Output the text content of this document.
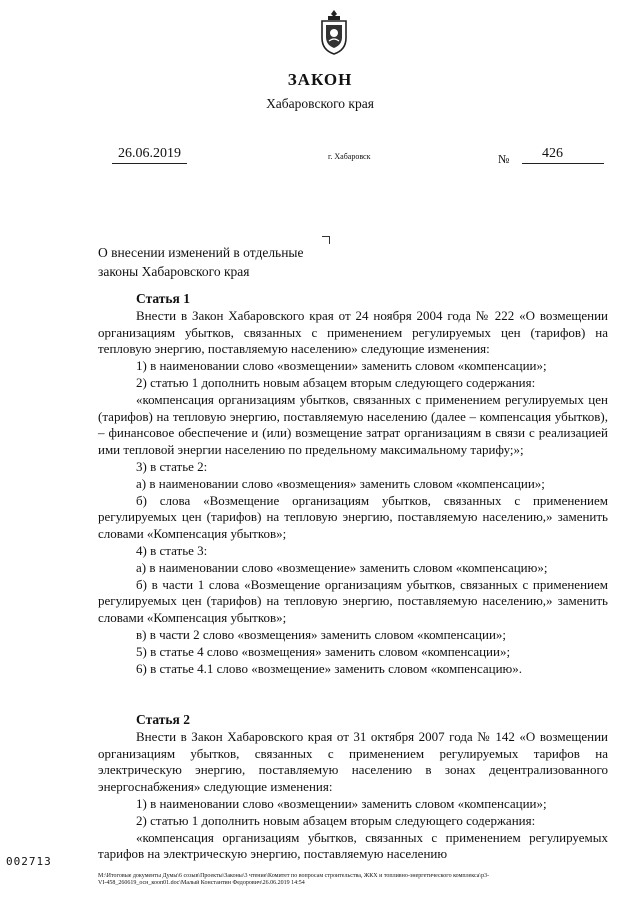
ЗАКОН
Хабаровского края
26.06.2019	г. Хабаровск	№	426
О внесении изменений в отдельные
законы Хабаровского края
Статья 1
Внести в Закон Хабаровского края от 24 ноября 2004 года № 222 «О возмещении организациям убытков, связанных с применением регулируемых цен (тарифов) на тепловую энергию, поставляемую населению» следующие изменения:
1) в наименовании слово «возмещении» заменить словом «компенсации»;
2) статью 1 дополнить новым абзацем вторым следующего содержания:
«компенсация организациям убытков, связанных с применением регулируемых цен (тарифов) на тепловую энергию, поставляемую населению (далее – компенсация убытков), – финансовое обеспечение и (или) возмещение затрат организациям в связи с реализацией ими тепловой энергии населению по предельному максимальному тарифу;»;
3) в статье 2:
а) в наименовании слово «возмещения» заменить словом «компенсации»;
б) слова «Возмещение организациям убытков, связанных с применением регулируемых цен (тарифов) на тепловую энергию, поставляемую населению,» заменить словами «Компенсация убытков»;
4) в статье 3:
а) в наименовании слово «возмещение» заменить словом «компенсацию»;
б) в части 1 слова «Возмещение организациям убытков, связанных с применением регулируемых цен (тарифов) на тепловую энергию, поставляемую населению,» заменить словами «Компенсация убытков»;
в) в части 2 слово «возмещения» заменить словом «компенсации»;
5) в статье 4 слово «возмещения» заменить словом «компенсации»;
6) в статье 4.1 слово «возмещение» заменить словом «компенсацию».
Статья 2
Внести в Закон Хабаровского края от 31 октября 2007 года № 142 «О возмещении организациям убытков, связанных с применением регулируемых тарифов на электрическую энергию, поставляемую населению в зонах децентрализованного энергоснабжения» следующие изменения:
1) в наименовании слово «возмещении» заменить словом «компенсации»;
2) статью 1 дополнить новым абзацем вторым следующего содержания:
«компенсация организациям убытков, связанных с применением регулируемых тарифов на электрическую энергию, поставляемую населению
002713
M:\Итоговые документы Думы\6 созыв\Проекты\Законы\3 чтение\Комитет по вопросам строительства, ЖКХ и топливно-энергетического комплекса\р3-
VI-458_260619_осн_кооп01.doc\Малый Константин Федорович\26.06.2019 14:54
